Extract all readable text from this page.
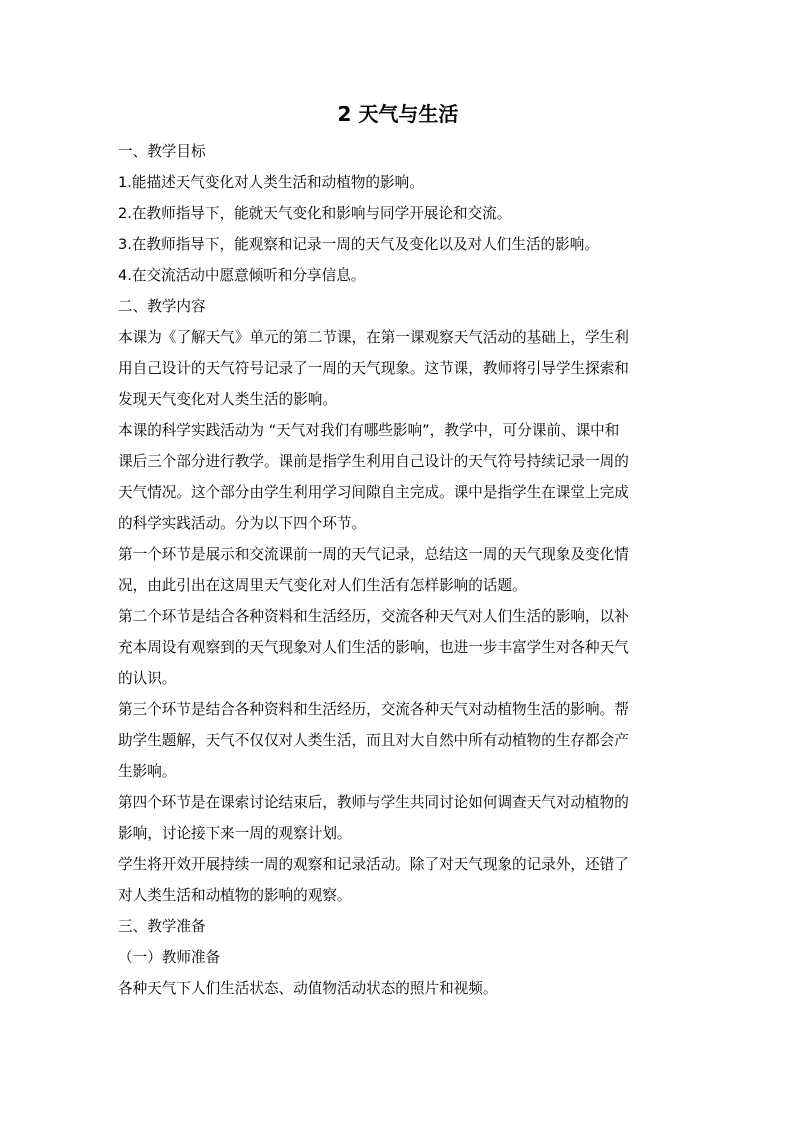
2 天气与生活

一、教学目标

1.能描述天气变化对人类生活和动植物的影响。

2.在教师指导下，能就天气变化和影响与同学开展论和交流。

3.在教师指导下，能观察和记录一周的天气及变化以及对人们生活的影响。

4.在交流活动中愿意倾听和分享信息。

二、教学内容

本课为《了解天气》单元的第二节课，在第一课观察天气活动的基础上，学生利

用自己设计的天气符号记录了一周的天气现象。这节课，教师将引导学生探索和

发现天气变化对人类生活的影响。

本课的科学实践活动为 “天气对我们有哪些影响”，教学中，可分课前、课中和

课后三个部分进行教学。课前是指学生利用自己设计的天气符号持续记录一周的

天气情况。这个部分由学生利用学习间隙自主完成。课中是指学生在课堂上完成

的科学实践活动。分为以下四个环节。

第一个环节是展示和交流课前一周的天气记录，总结这一周的天气现象及变化情

况，由此引出在这周里天气变化对人们生活有怎样影响的话题。

第二个环节是结合各种资料和生活经历，交流各种天气对人们生活的影响，以补

充本周设有观察到的天气现象对人们生活的影响，也进一步丰富学生对各种天气

的认识。

第三个环节是结合各种资料和生活经历，交流各种天气对动植物生活的影响。帮

助学生题解，天气不仅仅对人类生活，而且对大自然中所有动植物的生存都会产

生影响。

第四个环节是在课索讨论结束后，教师与学生共同讨论如何调查天气对动植物的

影响，讨论接下来一周的观察计划。

学生将开效开展持续一周的观察和记录活动。除了对天气现象的记录外，还错了

对人类生活和动植物的影响的观察。

三、教学准备

（一）教师准备

各种天气下人们生活状态、动值物活动状态的照片和视频。
